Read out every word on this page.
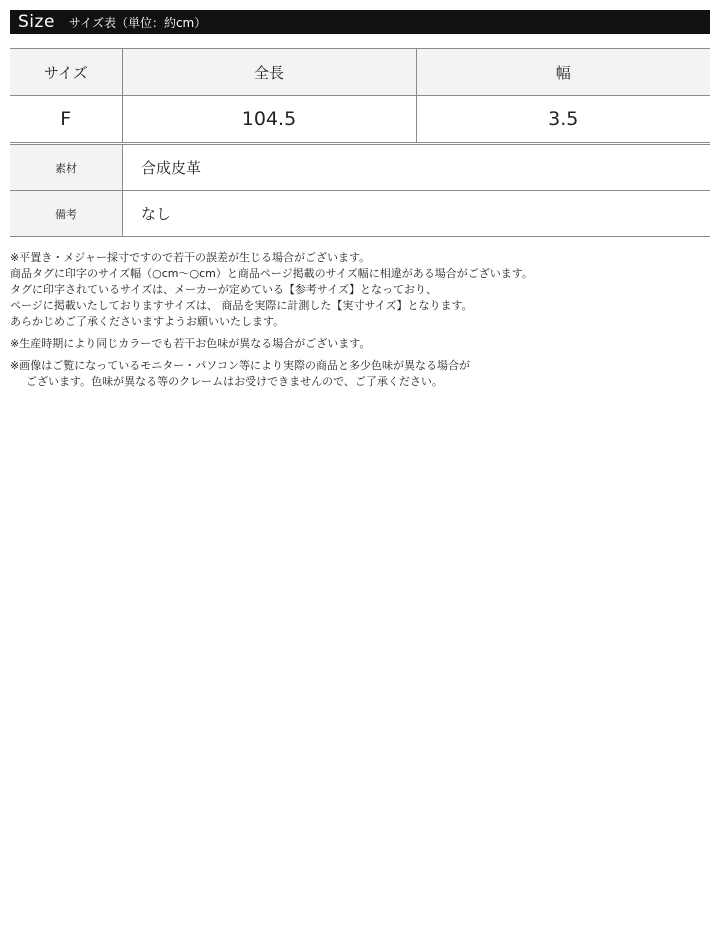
Size サイズ表（単位：約cm）
サイズ	全長	幅
F	104.5	3.5
素材	合成皮革
備考	なし
※平置き・メジャー採寸ですので若干の誤差が生じる場合がございます。
商品タグに印字のサイズ幅（○cm〜○cm）と商品ページ掲載のサイズ幅に相違がある場合がございます。
タグに印字されているサイズは、メーカーが定めている【参考サイズ】となっており、
ページに掲載いたしておりますサイズは、 商品を実際に計測した【実寸サイズ】となります。
あらかじめご了承くださいますようお願いいたします。
※生産時期により同じカラーでも若干お色味が異なる場合がございます。
※画像はご覧になっているモニター・パソコン等により実際の商品と多少色味が異なる場合が
ございます。色味が異なる等のクレームはお受けできませんので、ご了承ください。
